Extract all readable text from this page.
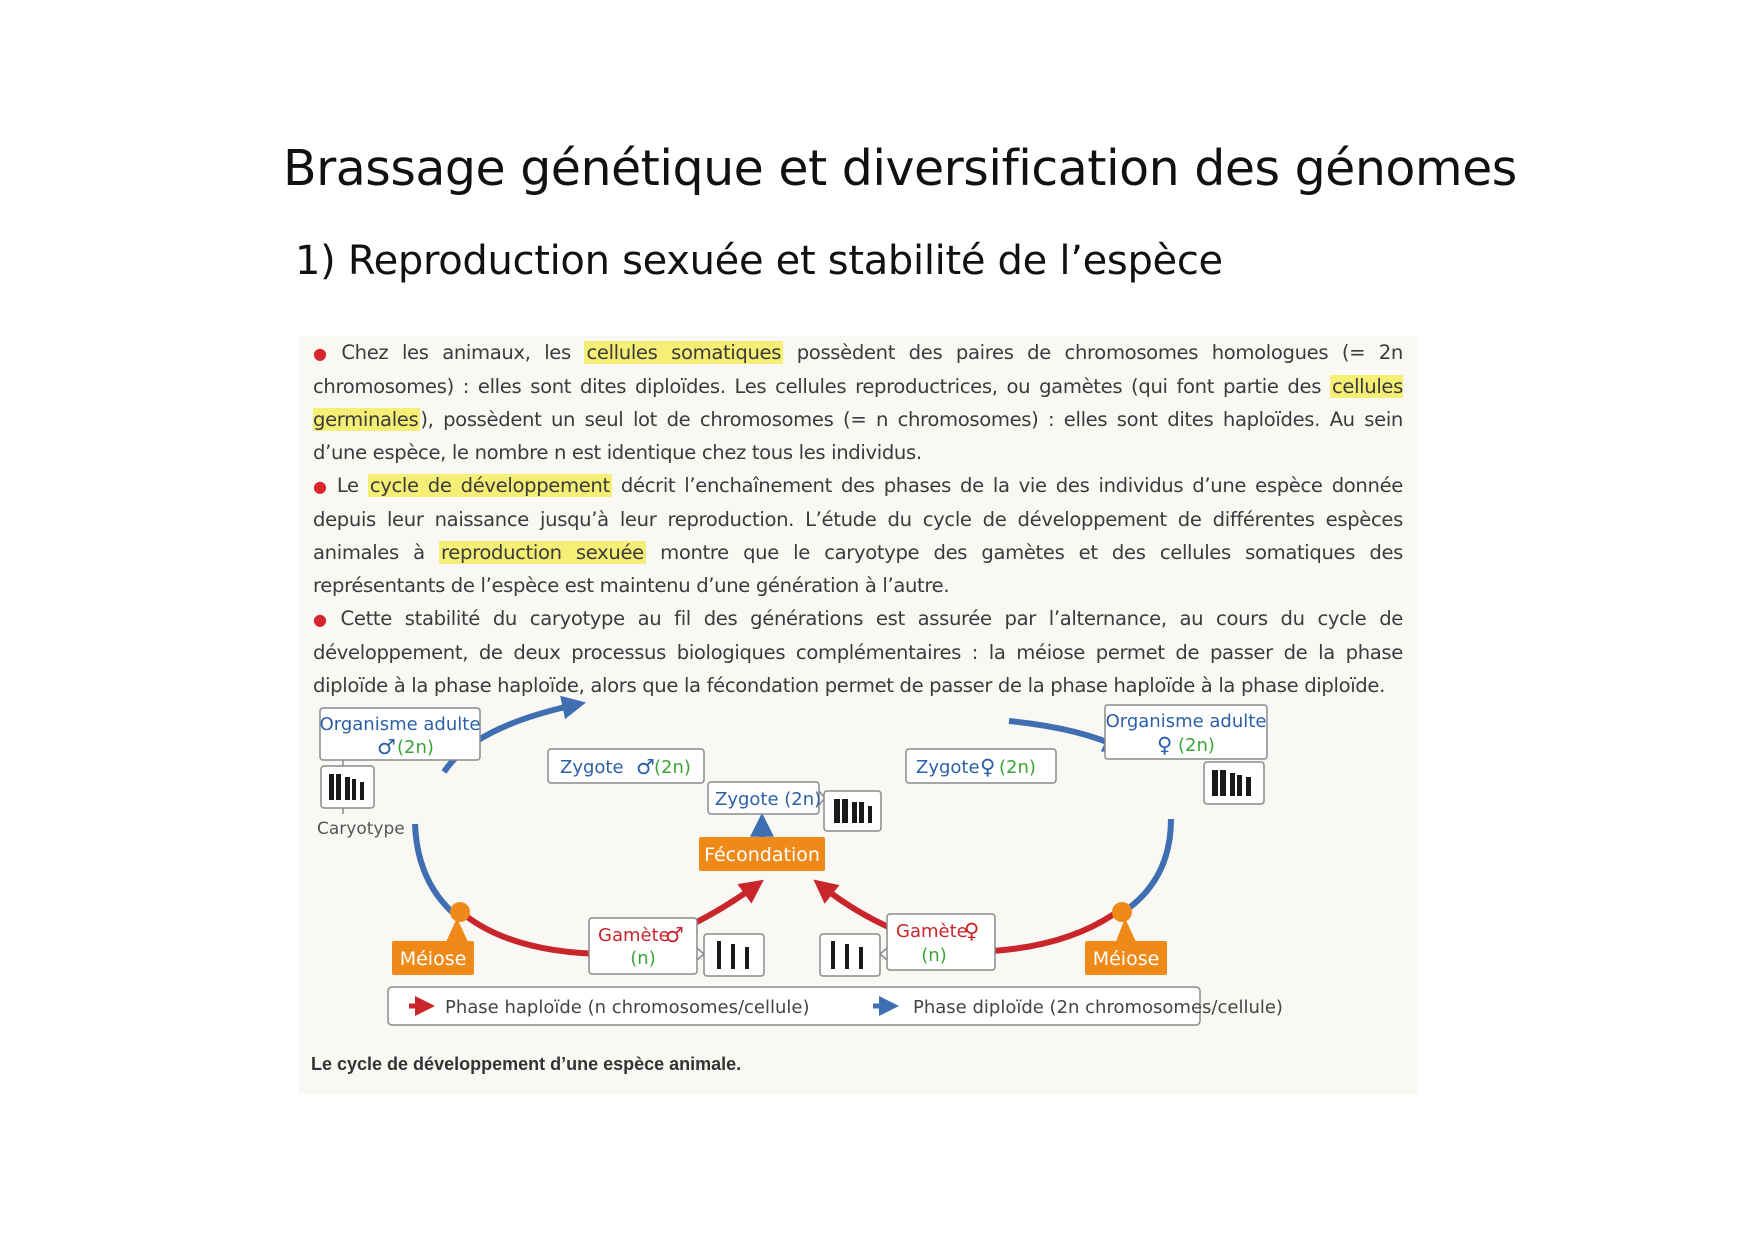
Brassage génétique et diversification des génomes
1) Reproduction sexuée et stabilité de l’espèce

● Chez les animaux, les cellules somatiques possèdent des paires de chromosomes homologues (= 2n chromosomes) : elles sont dites diploïdes. Les cellules reproductrices, ou gamètes (qui font partie des cellules germinales ), possèdent un seul lot de chromosomes (= n chromosomes) : elles sont dites haploïdes. Au sein d’une espèce, le nombre n est identique chez tous les individus.

● Le cycle de développement décrit l’enchaînement des phases de la vie des individus d’une espèce donnée depuis leur naissance jusqu’à leur reproduction. L’étude du cycle de développement de différentes espèces animales à reproduction sexuée montre que le caryotype des gamètes et des cellules somatiques des représentants de l’espèce est maintenu d’une génération à l’autre.

● Cette stabilité du caryotype au fil des générations est assurée par l’alternance, au cours du cycle de développement, de deux processus biologiques complémentaires : la méiose permet de passer de la phase diploïde à la phase haploïde, alors que la fécondation permet de passer de la phase haploïde à la phase diploïde.

Zygote ♂ (2n)	Zygote ♀ (2n)
Zygote (2n)
Fécondation
Organisme adulte
♂ (2n)
Caryotype
Organisme adulte
♀ (2n)
Méiose	Méiose
Gamète
♂
(n)
Gamète
♀
(n)
Phase haploïde (n chromosomes/cellule)	Phase diploïde (2n chromosomes/cellule)

Le cycle de développement d’une espèce animale.
